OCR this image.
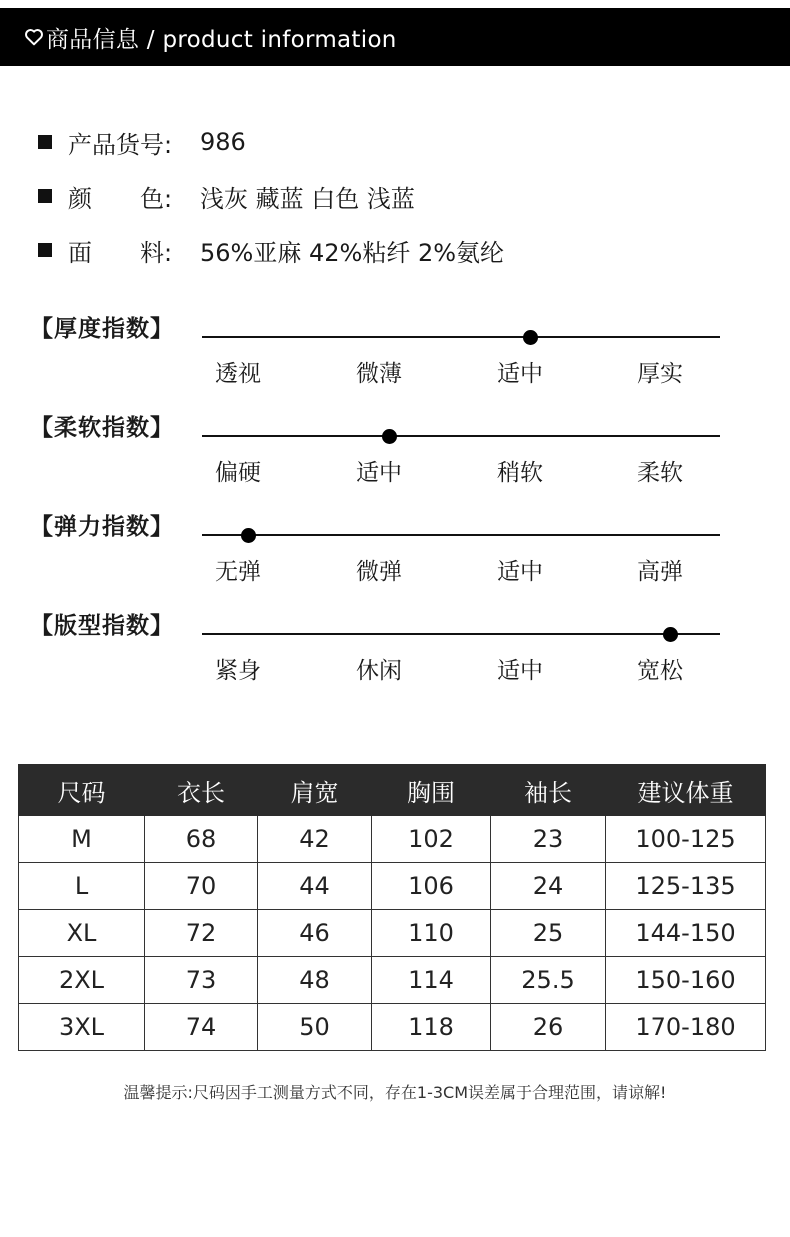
商品信息 / product information
产品货号:	986
颜　　色:	浅灰 藏蓝 白色 浅蓝
面　　料:	56%亚麻 42%粘纤 2%氨纶
【厚度指数】
透视	微薄	适中	厚实
【柔软指数】
偏硬	适中	稍软	柔软
【弹力指数】
无弹	微弹	适中	高弹
【版型指数】
紧身	休闲	适中	宽松
尺码	衣长	肩宽	胸围	袖长	建议体重
M	68	42	102	23	100-125
L	70	44	106	24	125-135
XL	72	46	110	25	144-150
2XL	73	48	114	25.5	150-160
3XL	74	50	118	26	170-180
温馨提示:尺码因手工测量方式不同，存在1-3CM误差属于合理范围，请谅解!
